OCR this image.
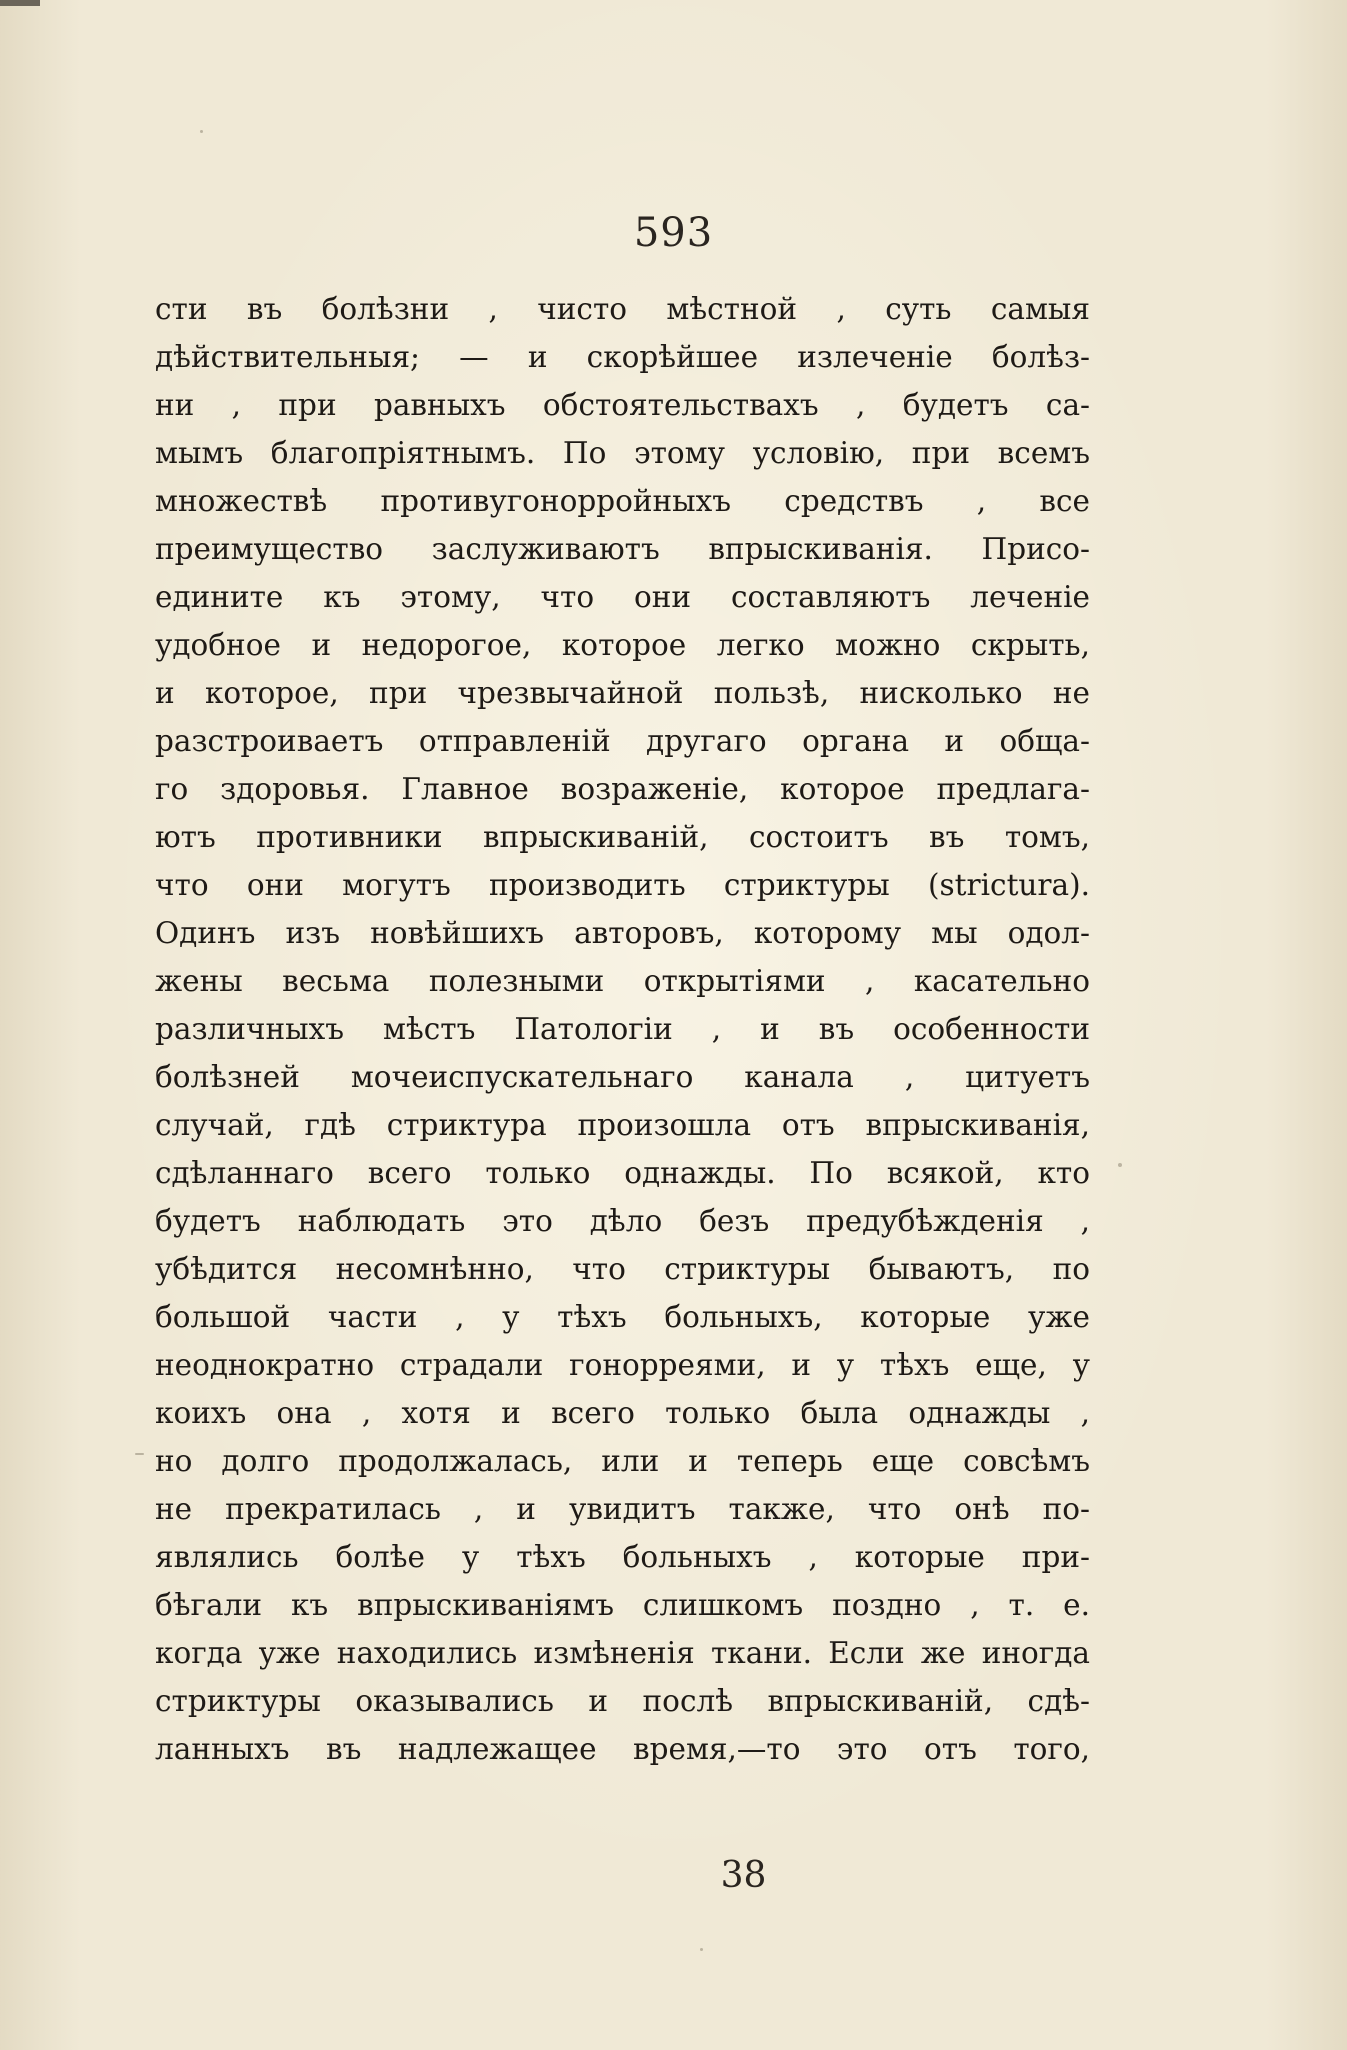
593
сти въ болѣзни , чисто мѣстной , суть самыя
дѣйствительныя; — и скорѣйшее излеченіе болѣз-
ни , при равныхъ обстоятельствахъ , будетъ са-
мымъ благопріятнымъ. По этому условію, при всемъ
множествѣ противугонорройныхъ средствъ , все
преимущество заслуживаютъ впрыскиванія. Присо-
едините къ этому, что они составляютъ леченіе
удобное и недорогое, которое легко можно скрыть,
и которое, при чрезвычайной пользѣ, нисколько не
разстроиваетъ отправленій другаго органа и обща-
го здоровья. Главное возраженіе, которое предлага-
ютъ противники впрыскиваній, состоитъ въ томъ,
что они могутъ производить стриктуры (strictura).
Одинъ изъ новѣйшихъ авторовъ, которому мы одол-
жены весьма полезными открытіями , касательно
различныхъ мѣстъ Патологіи , и въ особенности
болѣзней мочеиспускательнаго канала , цитуетъ
случай, гдѣ стриктура произошла отъ впрыскиванія,
сдѣланнаго всего только однажды. По всякой, кто
будетъ наблюдать это дѣло безъ предубѣжденія ,
убѣдится несомнѣнно, что стриктуры бываютъ, по
большой части , у тѣхъ больныхъ, которые уже
неоднократно страдали гонорреями, и у тѣхъ еще, у
коихъ она , хотя и всего только была однажды ,
но долго продолжалась, или и теперь еще совсѣмъ
не прекратилась , и увидитъ также, что онѣ по-
являлись болѣе у тѣхъ больныхъ , которые при-
бѣгали къ впрыскиваніямъ слишкомъ поздно , т. е.
когда уже находились измѣненія ткани. Если же иногда
стриктуры оказывались и послѣ впрыскиваній, сдѣ-
ланныхъ въ надлежащее время,—то это отъ того,
38
